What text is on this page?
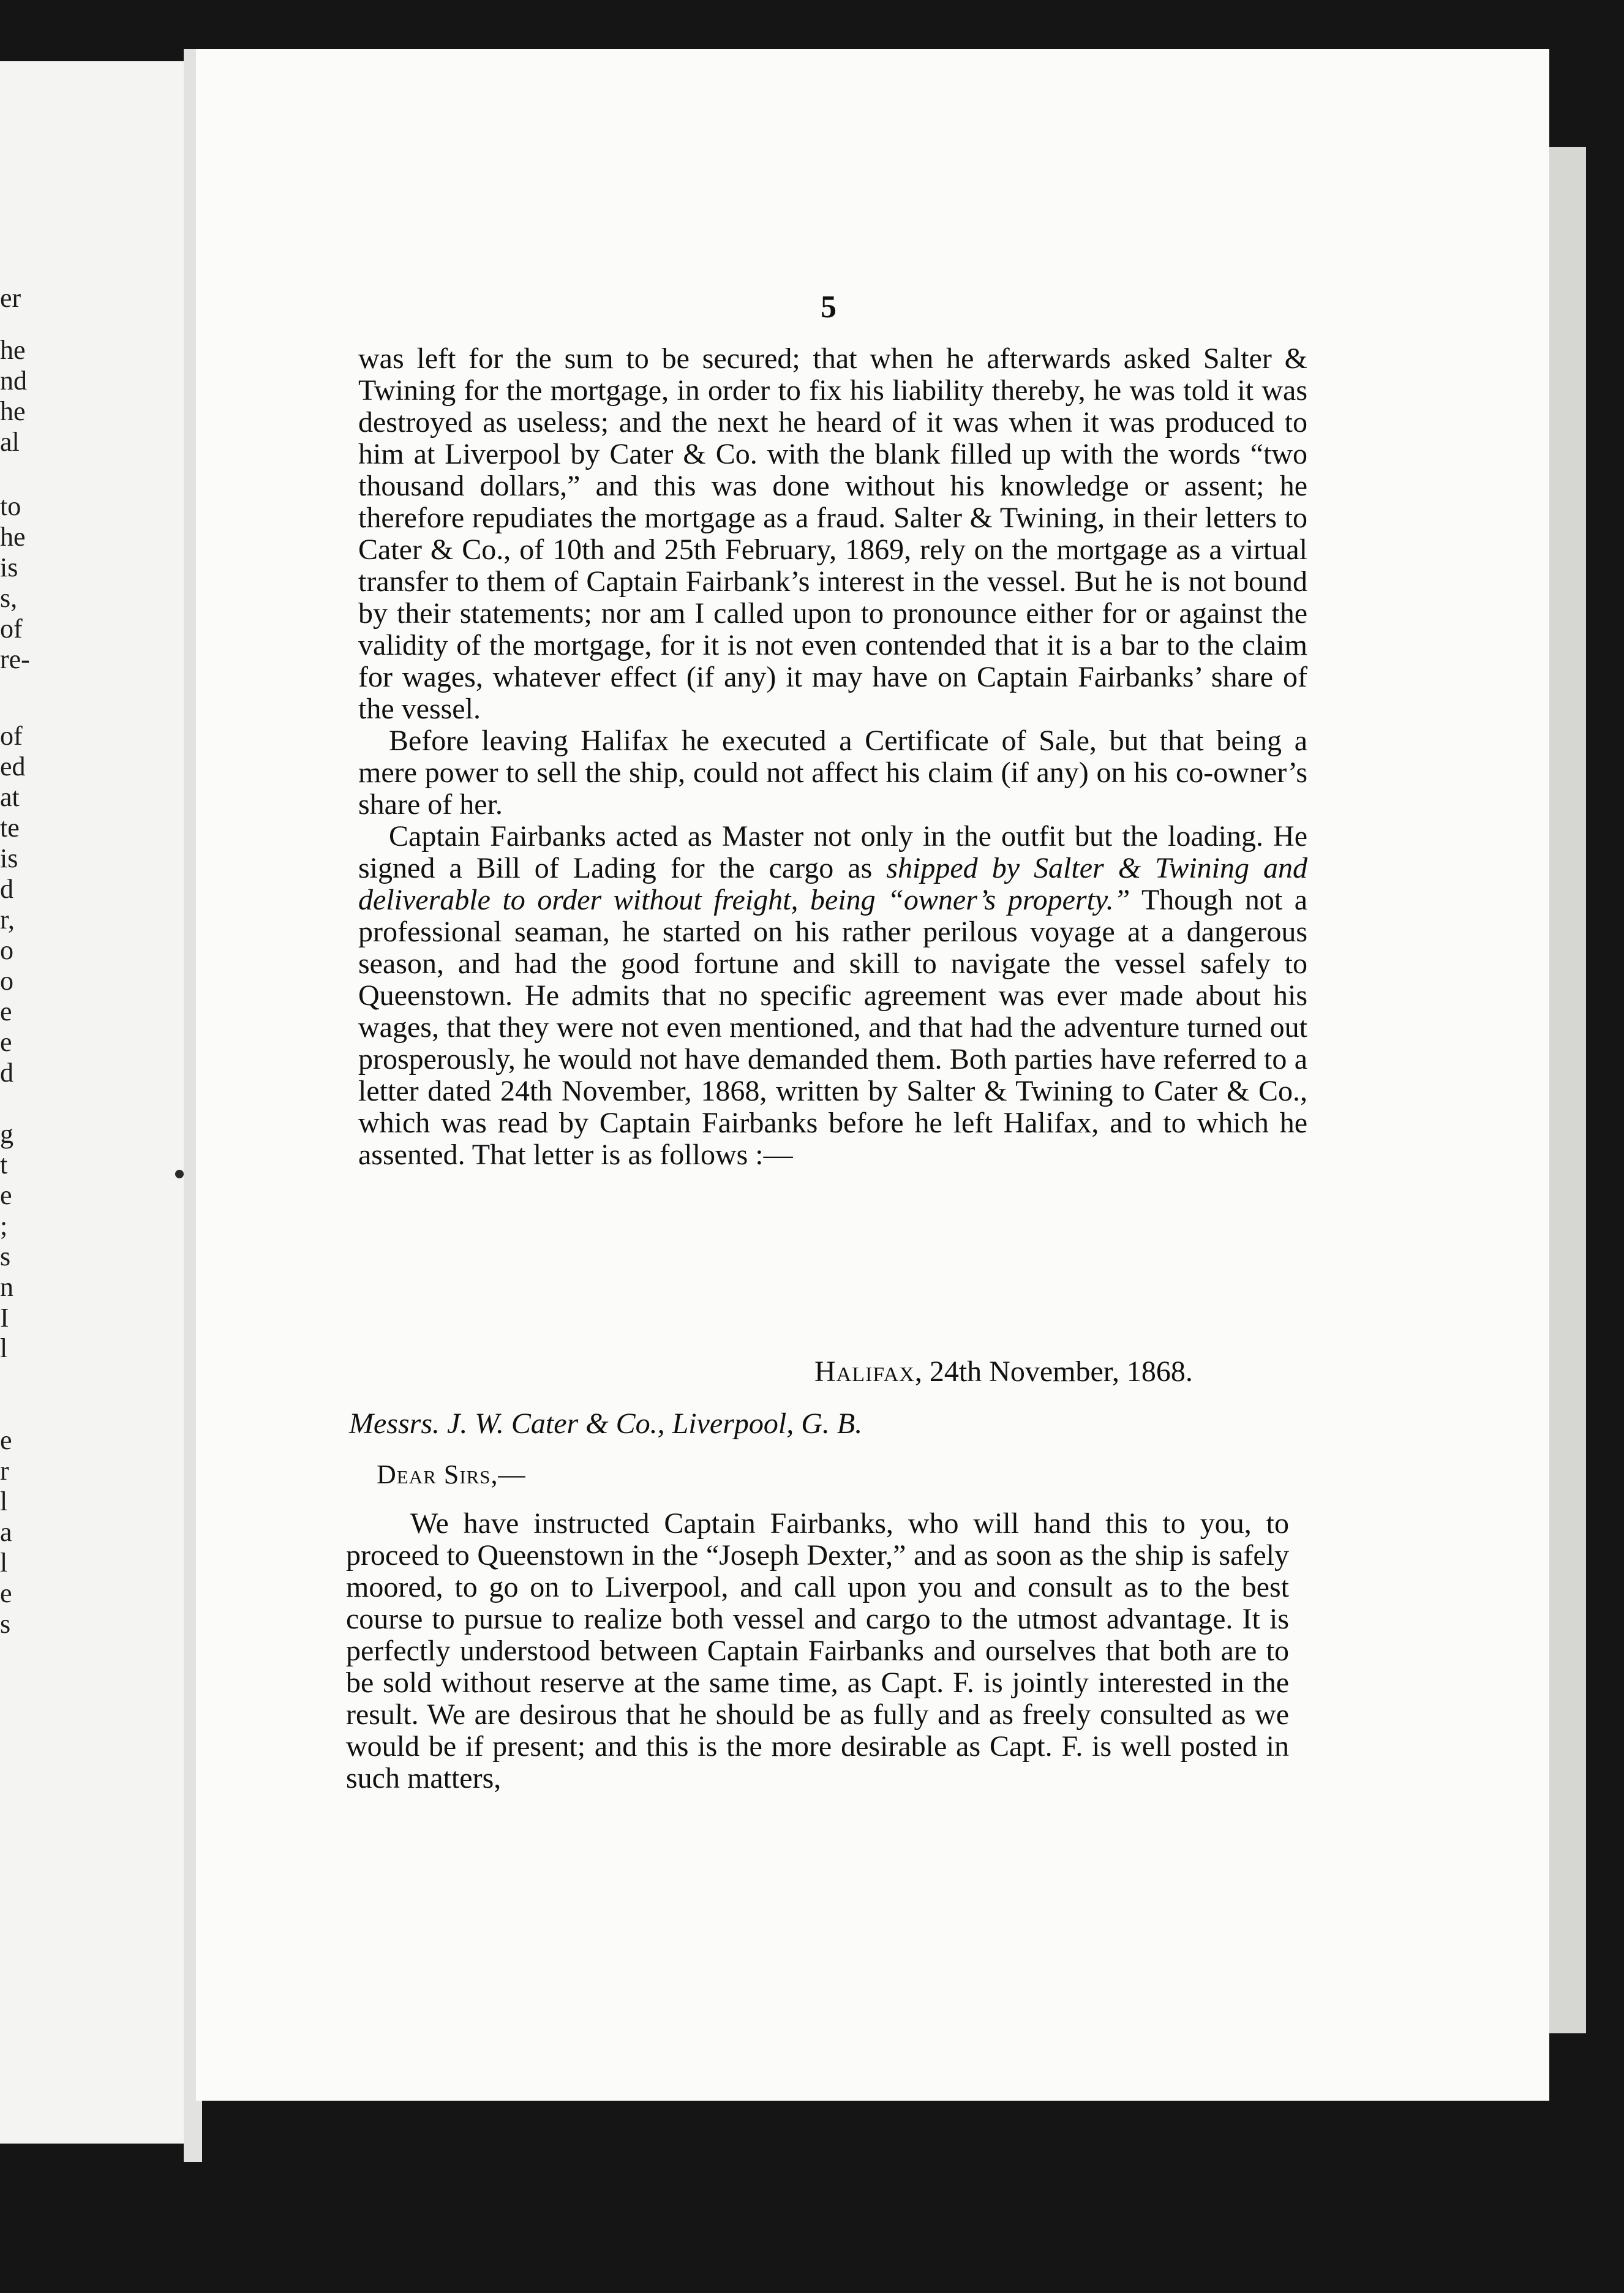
er
he
nd
he
al
to
he
is
s,
of
re-
of
ed
at
te
is
d
r,
o
o
e
e
d
g
t
e
;
s
n
I
l
e
r
l
a
l
e
s
5

was left for the sum to be secured; that when he afterwards asked Salter & Twining for the mortgage, in order to fix his liability thereby, he was told it was destroyed as useless; and the next he heard of it was when it was produced to him at Liverpool by Cater & Co. with the blank filled up with the words “two thousand dollars,” and this was done without his knowledge or assent; he therefore repudiates the mortgage as a fraud. Salter & Twining, in their letters to Cater & Co., of 10th and 25th February, 1869, rely on the mortgage as a virtual transfer to them of Captain Fairbank’s interest in the vessel. But he is not bound by their statements; nor am I called upon to pronounce either for or against the validity of the mortgage, for it is not even contended that it is a bar to the claim for wages, whatever effect (if any) it may have on Captain Fairbanks’ share of the vessel.

Before leaving Halifax he executed a Certificate of Sale, but that being a mere power to sell the ship, could not affect his claim (if any) on his co-owner’s share of her.

Captain Fairbanks acted as Master not only in the outfit but the loading. He signed a Bill of Lading for the cargo as shipped by Salter & Twining and deliverable to order without freight, being “owner’s property.” Though not a professional seaman, he started on his rather perilous voyage at a dangerous season, and had the good fortune and skill to navigate the vessel safely to Queenstown. He admits that no specific agreement was ever made about his wages, that they were not even mentioned, and that had the adventure turned out prosperously, he would not have demanded them. Both parties have referred to a letter dated 24th November, 1868, written by Salter & Twining to Cater & Co., which was read by Captain Fairbanks before he left Halifax, and to which he assented. That letter is as follows :—

Halifax, 24th November, 1868.
Messrs. J. W. Cater & Co., Liverpool, G. B.
Dear Sirs,—

We have instructed Captain Fairbanks, who will hand this to you, to proceed to Queenstown in the “Joseph Dexter,” and as soon as the ship is safely moored, to go on to Liverpool, and call upon you and consult as to the best course to pursue to realize both vessel and cargo to the utmost advantage. It is perfectly understood between Captain Fairbanks and ourselves that both are to be sold without reserve at the same time, as Capt. F. is jointly interested in the result. We are desirous that he should be as fully and as freely consulted as we would be if present; and this is the more desirable as Capt. F. is well posted in such matters,
